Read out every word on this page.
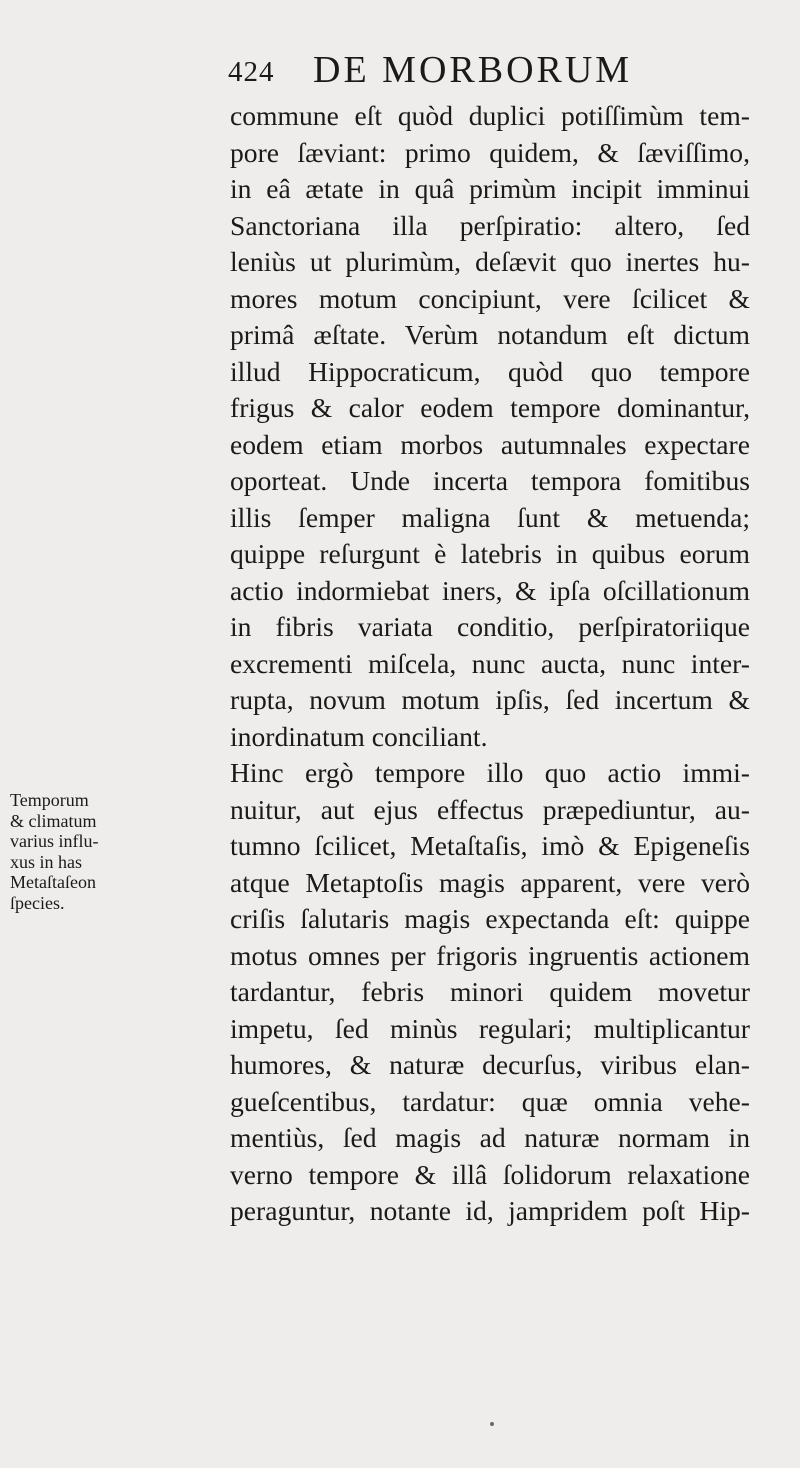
424 DE MORBORUM
Temporum
& climatum
varius influ-
xus in has
Metaſtaſeon
ſpecies.
commune eſt quòd duplici potiſſimùm tem-
pore ſæviant: primo quidem, & ſæviſſimo,
in eâ ætate in quâ primùm incipit imminui
Sanctoriana illa perſpiratio: altero, ſed
leniùs ut plurimùm, deſævit quo inertes hu-
mores motum concipiunt, vere ſcilicet &
primâ æſtate. Verùm notandum eſt dictum
illud Hippocraticum, quòd quo tempore
frigus & calor eodem tempore dominantur,
eodem etiam morbos autumnales expectare
oporteat. Unde incerta tempora fomitibus
illis ſemper maligna ſunt & metuenda;
quippe reſurgunt è latebris in quibus eorum
actio indormiebat iners, & ipſa oſcillationum
in fibris variata conditio, perſpiratoriique
excrementi miſcela, nunc aucta, nunc inter-
rupta, novum motum ipſis, ſed incertum &
inordinatum conciliant.
Hinc ergò tempore illo quo actio immi-
nuitur, aut ejus effectus præpediuntur, au-
tumno ſcilicet, Metaſtaſis, imò & Epigeneſis
atque Metaptoſis magis apparent, vere verò
criſis ſalutaris magis expectanda eſt: quippe
motus omnes per frigoris ingruentis actionem
tardantur, febris minori quidem movetur
impetu, ſed minùs regulari; multiplicantur
humores, & naturæ decurſus, viribus elan-
gueſcentibus, tardatur: quæ omnia vehe-
mentiùs, ſed magis ad naturæ normam in
verno tempore & illâ ſolidorum relaxatione
peraguntur, notante id, jampridem poſt Hip-
